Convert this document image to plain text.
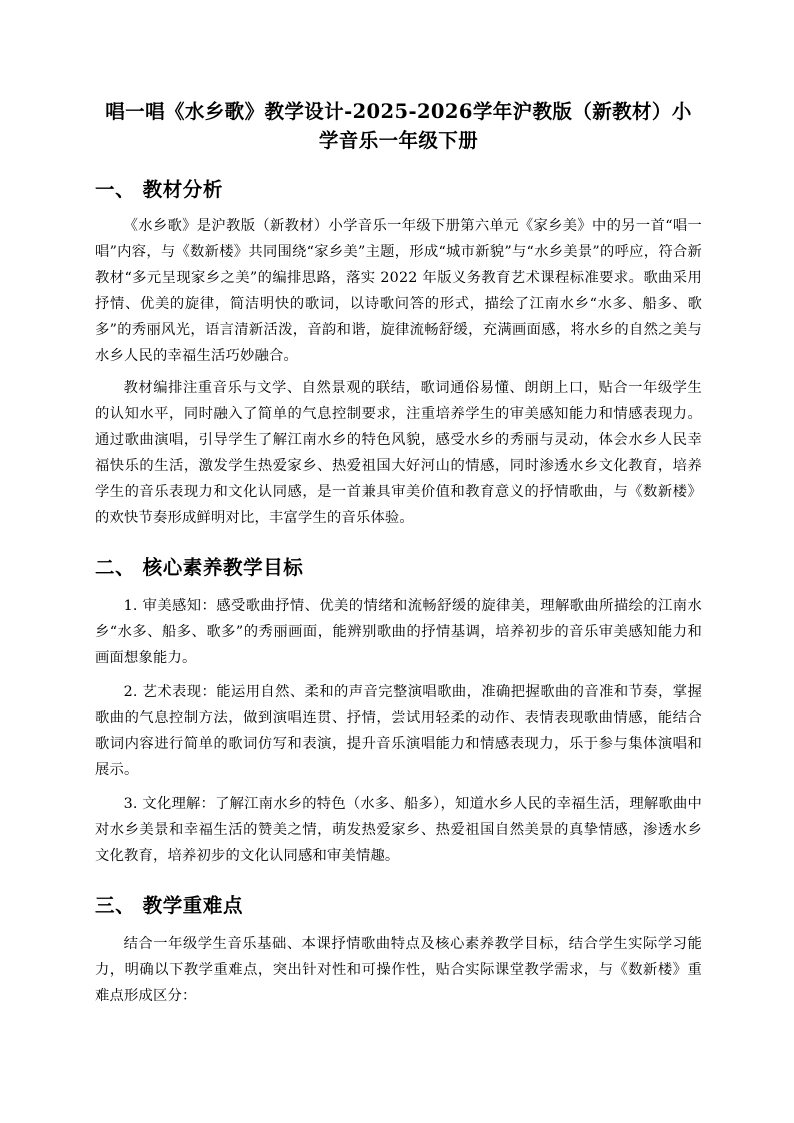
唱一唱《水乡歌》教学设计-2025-2026学年沪教版（新教材）小学音乐一年级下册
一、 教材分析

《水乡歌》是沪教版（新教材）小学音乐一年级下册第六单元《家乡美》中的另一首“唱一唱”内容，与《数新楼》共同围绕“家乡美”主题，形成“城市新貌”与“水乡美景”的呼应，符合新教材“多元呈现家乡之美”的编排思路，落实 2022 年版义务教育艺术课程标准要求。歌曲采用抒情、优美的旋律，简洁明快的歌词，以诗歌问答的形式，描绘了江南水乡“水多、船多、歌多”的秀丽风光，语言清新活泼，音韵和谐，旋律流畅舒缓，充满画面感，将水乡的自然之美与水乡人民的幸福生活巧妙融合。

教材编排注重音乐与文学、自然景观的联结，歌词通俗易懂、朗朗上口，贴合一年级学生的认知水平，同时融入了简单的气息控制要求，注重培养学生的审美感知能力和情感表现力。通过歌曲演唱，引导学生了解江南水乡的特色风貌，感受水乡的秀丽与灵动，体会水乡人民幸福快乐的生活，激发学生热爱家乡、热爱祖国大好河山的情感，同时渗透水乡文化教育，培养学生的音乐表现力和文化认同感，是一首兼具审美价值和教育意义的抒情歌曲，与《数新楼》的欢快节奏形成鲜明对比，丰富学生的音乐体验。

二、 核心素养教学目标

1. 审美感知：感受歌曲抒情、优美的情绪和流畅舒缓的旋律美，理解歌曲所描绘的江南水乡“水多、船多、歌多”的秀丽画面，能辨别歌曲的抒情基调，培养初步的音乐审美感知能力和画面想象能力。

2. 艺术表现：能运用自然、柔和的声音完整演唱歌曲，准确把握歌曲的音准和节奏，掌握歌曲的气息控制方法，做到演唱连贯、抒情，尝试用轻柔的动作、表情表现歌曲情感，能结合歌词内容进行简单的歌词仿写和表演，提升音乐演唱能力和情感表现力，乐于参与集体演唱和展示。

3. 文化理解：了解江南水乡的特色（水多、船多），知道水乡人民的幸福生活，理解歌曲中对水乡美景和幸福生活的赞美之情，萌发热爱家乡、热爱祖国自然美景的真挚情感，渗透水乡文化教育，培养初步的文化认同感和审美情趣。

三、 教学重难点

结合一年级学生音乐基础、本课抒情歌曲特点及核心素养教学目标，结合学生实际学习能力，明确以下教学重难点，突出针对性和可操作性，贴合实际课堂教学需求，与《数新楼》重难点形成区分：
